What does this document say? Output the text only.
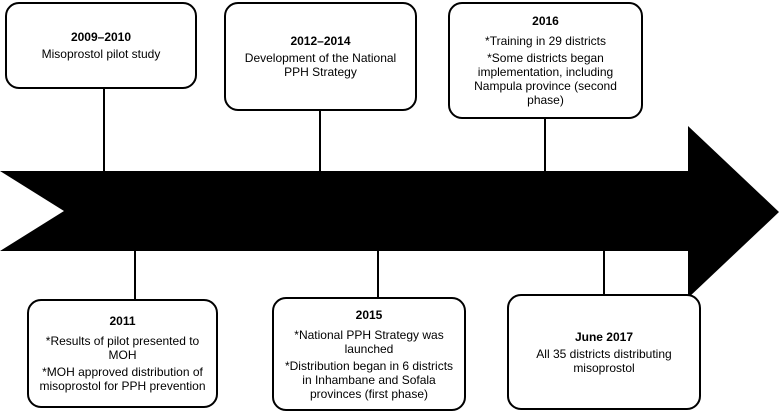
2009–2010
Misoprostol pilot study
2012–2014
Development of the National PPH Strategy
2016
*Training in 29 districts
*Some districts began implementation, including Nampula province (second phase)
2011
*Results of pilot presented to MOH
*MOH approved distribution of misoprostol for PPH prevention
2015
*National PPH Strategy was launched
*Distribution began in 6 districts in Inhambane and Sofala provinces (first phase)
June 2017
All 35 districts distributing misoprostol
